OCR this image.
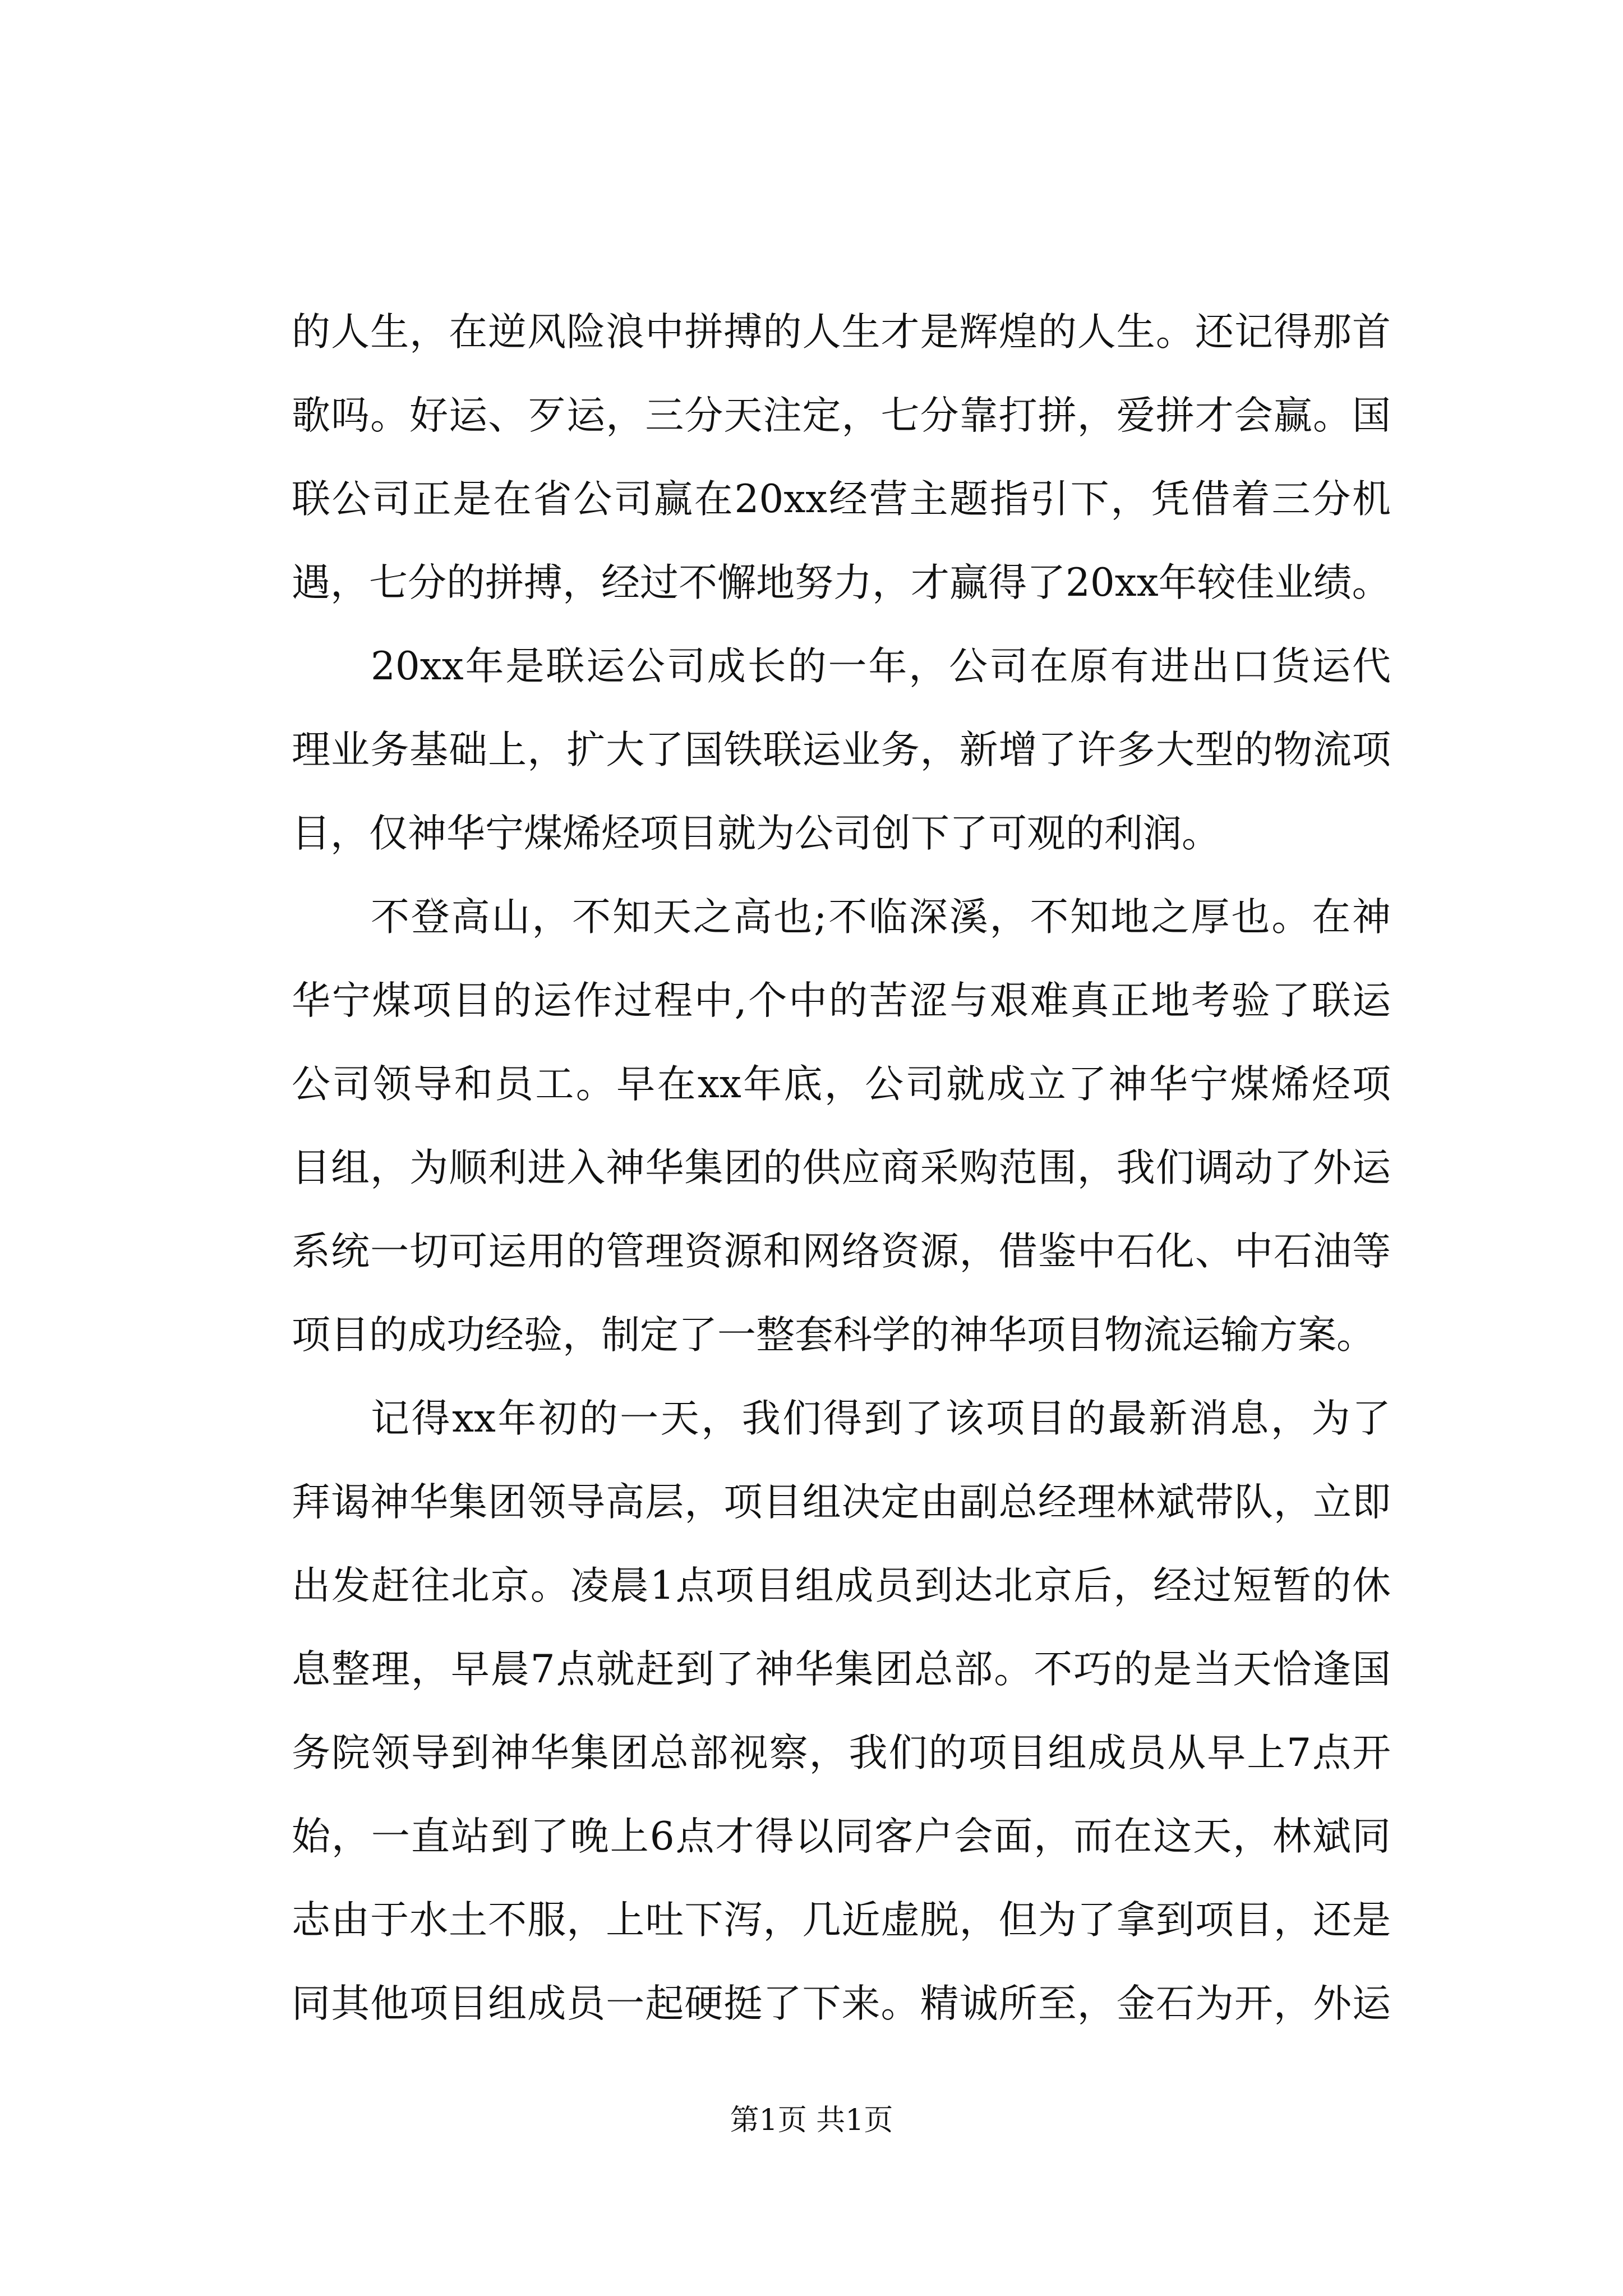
的人生，在逆风险浪中拼搏的人生才是辉煌的人生。还记得那首
歌吗。好运、歹运，三分天注定，七分靠打拼，爱拼才会赢。国
联公司正是在省公司赢在20xx经营主题指引下，凭借着三分机
遇，七分的拼搏，经过不懈地努力，才赢得了20xx年较佳业绩。
20xx年是联运公司成长的一年，公司在原有进出口货运代
理业务基础上，扩大了国铁联运业务，新增了许多大型的物流项
目，仅神华宁煤烯烃项目就为公司创下了可观的利润。
不登高山，不知天之高也;不临深溪，不知地之厚也。在神
华宁煤项目的运作过程中,个中的苦涩与艰难真正地考验了联运
公司领导和员工。早在xx年底，公司就成立了神华宁煤烯烃项
目组，为顺利进入神华集团的供应商采购范围，我们调动了外运
系统一切可运用的管理资源和网络资源，借鉴中石化、中石油等
项目的成功经验，制定了一整套科学的神华项目物流运输方案。
记得xx年初的一天，我们得到了该项目的最新消息，为了
拜谒神华集团领导高层，项目组决定由副总经理林斌带队，立即
出发赶往北京。凌晨1点项目组成员到达北京后，经过短暂的休
息整理，早晨7点就赶到了神华集团总部。不巧的是当天恰逢国
务院领导到神华集团总部视察，我们的项目组成员从早上7点开
始，一直站到了晚上6点才得以同客户会面，而在这天，林斌同
志由于水土不服，上吐下泻，几近虚脱，但为了拿到项目，还是
同其他项目组成员一起硬挺了下来。精诚所至，金石为开，外运
第1页 共1页
